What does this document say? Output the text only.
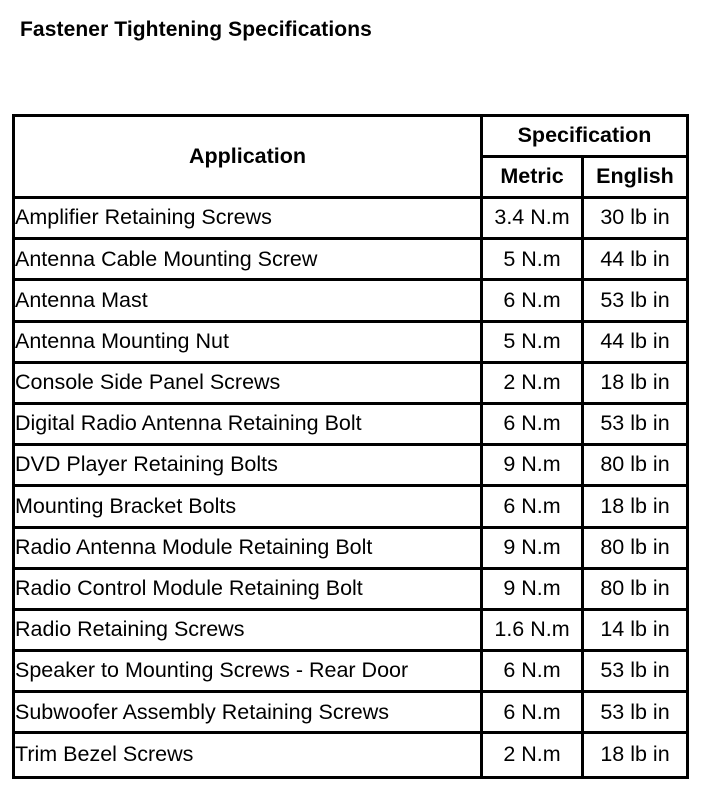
Fastener Tightening Specifications
Application	Specification	
	Metric	English
Amplifier Retaining Screws	3.4 N.m	30 lb in
Antenna Cable Mounting Screw	5 N.m	44 lb in
Antenna Mast	6 N.m	53 lb in
Antenna Mounting Nut	5 N.m	44 lb in
Console Side Panel Screws	2 N.m	18 lb in
Digital Radio Antenna Retaining Bolt	6 N.m	53 lb in
DVD Player Retaining Bolts	9 N.m	80 lb in
Mounting Bracket Bolts	6 N.m	18 lb in
Radio Antenna Module Retaining Bolt	9 N.m	80 lb in
Radio Control Module Retaining Bolt	9 N.m	80 lb in
Radio Retaining Screws	1.6 N.m	14 lb in
Speaker to Mounting Screws - Rear Door	6 N.m	53 lb in
Subwoofer Assembly Retaining Screws	6 N.m	53 lb in
Trim Bezel Screws	2 N.m	18 lb in
